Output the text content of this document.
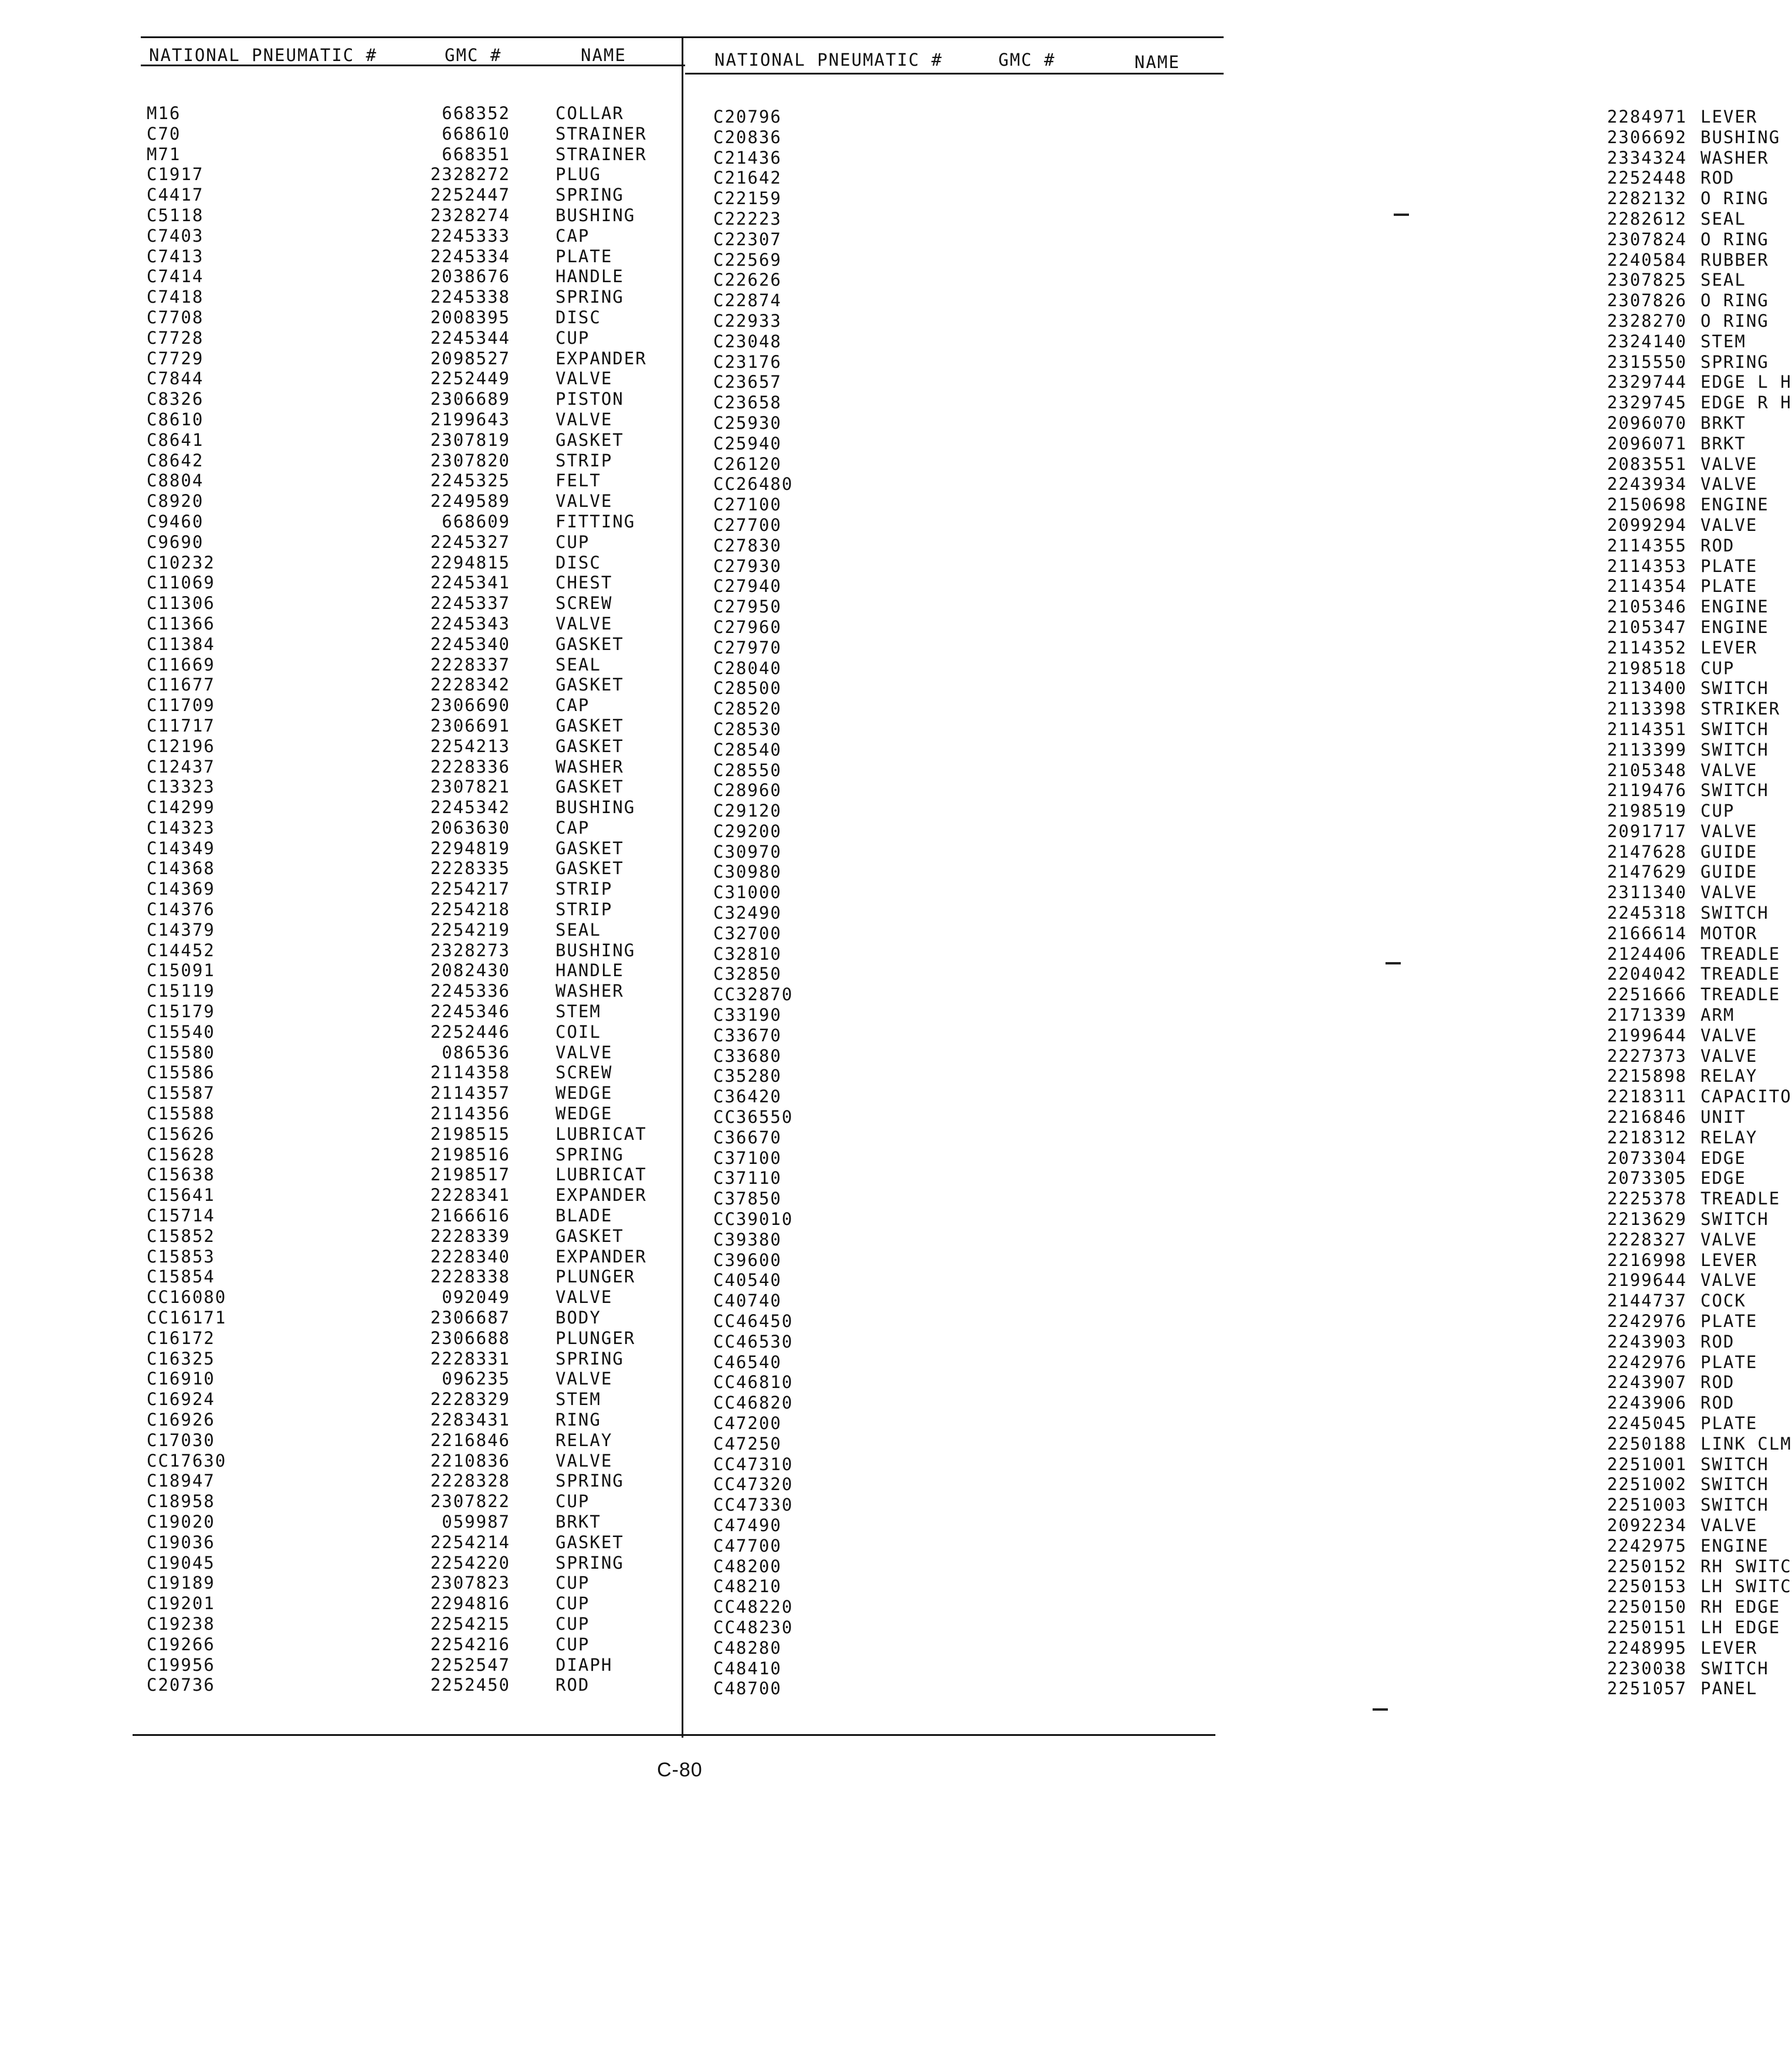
NATIONAL PNEUMATIC #	GMC #	NAME	NATIONAL PNEUMATIC #	GMC #	NAME
M16	668352	COLLAR
C70	668610	STRAINER
M71	668351	STRAINER
C1917	2328272	PLUG
C4417	2252447	SPRING
C5118	2328274	BUSHING
C7403	2245333	CAP
C7413	2245334	PLATE
C7414	2038676	HANDLE
C7418	2245338	SPRING
C7708	2008395	DISC
C7728	2245344	CUP
C7729	2098527	EXPANDER
C7844	2252449	VALVE
C8326	2306689	PISTON
C8610	2199643	VALVE
C8641	2307819	GASKET
C8642	2307820	STRIP
C8804	2245325	FELT
C8920	2249589	VALVE
C9460	668609	FITTING
C9690	2245327	CUP
C10232	2294815	DISC
C11069	2245341	CHEST
C11306	2245337	SCREW
C11366	2245343	VALVE
C11384	2245340	GASKET
C11669	2228337	SEAL
C11677	2228342	GASKET
C11709	2306690	CAP
C11717	2306691	GASKET
C12196	2254213	GASKET
C12437	2228336	WASHER
C13323	2307821	GASKET
C14299	2245342	BUSHING
C14323	2063630	CAP
C14349	2294819	GASKET
C14368	2228335	GASKET
C14369	2254217	STRIP
C14376	2254218	STRIP
C14379	2254219	SEAL
C14452	2328273	BUSHING
C15091	2082430	HANDLE
C15119	2245336	WASHER
C15179	2245346	STEM
C15540	2252446	COIL
C15580	086536	VALVE
C15586	2114358	SCREW
C15587	2114357	WEDGE
C15588	2114356	WEDGE
C15626	2198515	LUBRICAT
C15628	2198516	SPRING
C15638	2198517	LUBRICAT
C15641	2228341	EXPANDER
C15714	2166616	BLADE
C15852	2228339	GASKET
C15853	2228340	EXPANDER
C15854	2228338	PLUNGER
CC16080	092049	VALVE
CC16171	2306687	BODY
C16172	2306688	PLUNGER
C16325	2228331	SPRING
C16910	096235	VALVE
C16924	2228329	STEM
C16926	2283431	RING
C17030	2216846	RELAY
CC17630	2210836	VALVE
C18947	2228328	SPRING
C18958	2307822	CUP
C19020	059987	BRKT
C19036	2254214	GASKET
C19045	2254220	SPRING
C19189	2307823	CUP
C19201	2294816	CUP
C19238	2254215	CUP
C19266	2254216	CUP
C19956	2252547	DIAPH
C20736	2252450	ROD
C20796	2284971 LEVER
C20836	2306692 BUSHING
C21436	2334324 WASHER
C21642	2252448 ROD
C22159	2282132 O RING
C22223	2282612 SEAL
C22307	2307824 O RING
C22569	2240584 RUBBER
C22626	2307825 SEAL
C22874	2307826 O RING
C22933	2328270 O RING
C23048	2324140 STEM
C23176	2315550 SPRING
C23657	2329744 EDGE L H
C23658	2329745 EDGE R H
C25930	2096070 BRKT
C25940	2096071 BRKT
C26120	2083551 VALVE
CC26480	2243934 VALVE
C27100	2150698 ENGINE
C27700	2099294 VALVE
C27830	2114355 ROD
C27930	2114353 PLATE
C27940	2114354 PLATE
C27950	2105346 ENGINE
C27960	2105347 ENGINE
C27970	2114352 LEVER
C28040	2198518 CUP
C28500	2113400 SWITCH
C28520	2113398 STRIKER
C28530	2114351 SWITCH
C28540	2113399 SWITCH
C28550	2105348 VALVE
C28960	2119476 SWITCH
C29120	2198519 CUP
C29200	2091717 VALVE
C30970	2147628 GUIDE
C30980	2147629 GUIDE
C31000	2311340 VALVE
C32490	2245318 SWITCH
C32700	2166614 MOTOR
C32810	2124406 TREADLE
C32850	2204042 TREADLE
CC32870	2251666 TREADLE
C33190	2171339 ARM
C33670	2199644 VALVE
C33680	2227373 VALVE
C35280	2215898 RELAY
C36420	2218311 CAPACITO
CC36550	2216846 UNIT
C36670	2218312 RELAY
C37100	2073304 EDGE
C37110	2073305 EDGE
C37850	2225378 TREADLE
CC39010	2213629 SWITCH
C39380	2228327 VALVE
C39600	2216998 LEVER
C40540	2199644 VALVE
C40740	2144737 COCK
CC46450	2242976 PLATE
CC46530	2243903 ROD
C46540	2242976 PLATE
CC46810	2243907 ROD
CC46820	2243906 ROD
C47200	2245045 PLATE
C47250	2250188 LINK CLM
CC47310	2251001 SWITCH
CC47320	2251002 SWITCH
CC47330	2251003 SWITCH
C47490	2092234 VALVE
C47700	2242975 ENGINE
C48200	2250152 RH SWITC
C48210	2250153 LH SWITC
CC48220	2250150 RH EDGE
CC48230	2250151 LH EDGE
C48280	2248995 LEVER
C48410	2230038 SWITCH
C48700	2251057 PANEL
C-80
